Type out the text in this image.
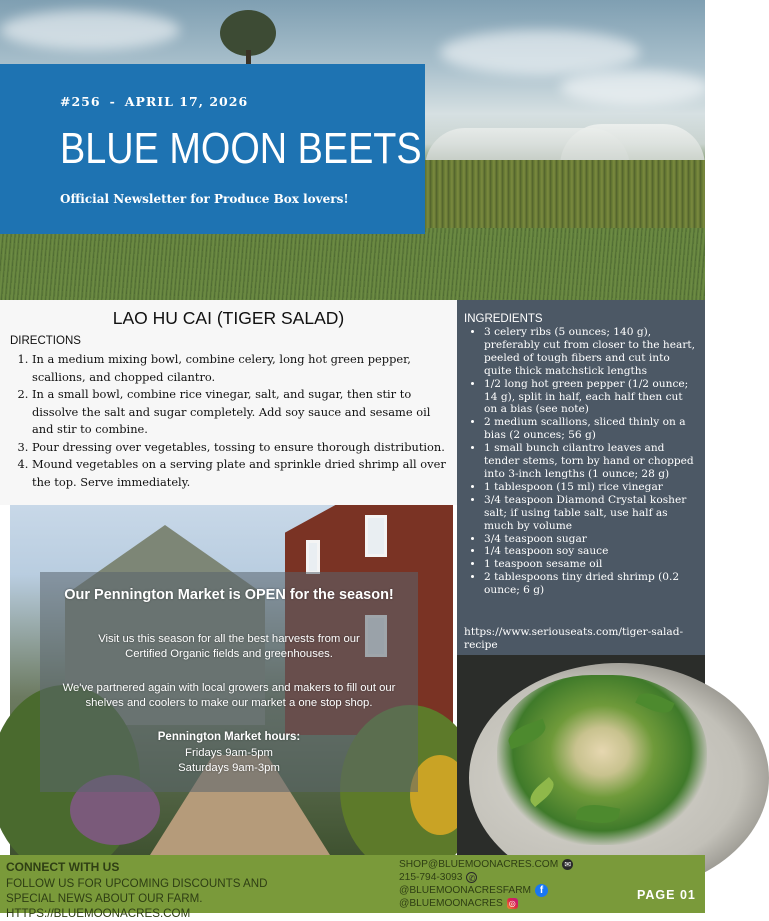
#256 - APRIL 17, 2026
BLUE MOON BEETS
Official Newsletter for Produce Box lovers!
LAO HU CAI (TIGER SALAD)
DIRECTIONS
1. In a medium mixing bowl, combine celery, long hot green pepper, scallions, and chopped cilantro.
2. In a small bowl, combine rice vinegar, salt, and sugar, then stir to dissolve the salt and sugar completely. Add soy sauce and sesame oil and stir to combine.
3. Pour dressing over vegetables, tossing to ensure thorough distribution.
4. Mound vegetables on a serving plate and sprinkle dried shrimp all over the top. Serve immediately.
INGREDIENTS
• 3 celery ribs (5 ounces; 140 g), preferably cut from closer to the heart, peeled of tough fibers and cut into quite thick matchstick lengths
• 1/2 long hot green pepper (1/2 ounce; 14 g), split in half, each half then cut on a bias (see note)
• 2 medium scallions, sliced thinly on a bias (2 ounces; 56 g)
• 1 small bunch cilantro leaves and tender stems, torn by hand or chopped into 3-inch lengths (1 ounce; 28 g)
• 1 tablespoon (15 ml) rice vinegar
• 3/4 teaspoon Diamond Crystal kosher salt; if using table salt, use half as much by volume
• 3/4 teaspoon sugar
• 1/4 teaspoon soy sauce
• 1 teaspoon sesame oil
• 2 tablespoons tiny dried shrimp (0.2 ounce; 6 g)
https://www.seriouseats.com/tiger-salad-recipe
Our Pennington Market is OPEN for the season!
Visit us this season for all the best harvests from our Certified Organic fields and greenhouses.
We've partnered again with local growers and makers to fill out our shelves and coolers to make our market a one stop shop.
Pennington Market hours:
Fridays 9am-5pm
Saturdays 9am-3pm
CONNECT WITH US
FOLLOW US FOR UPCOMING DISCOUNTS AND SPECIAL NEWS ABOUT OUR FARM. HTTPS://BLUEMOONACRES.COM
SHOP@BLUEMOONACRES.COM ✉
215-794-3093 ✆
@BLUEMOONACRESFARM f
@BLUEMOONACRES ◎
PAGE 01
